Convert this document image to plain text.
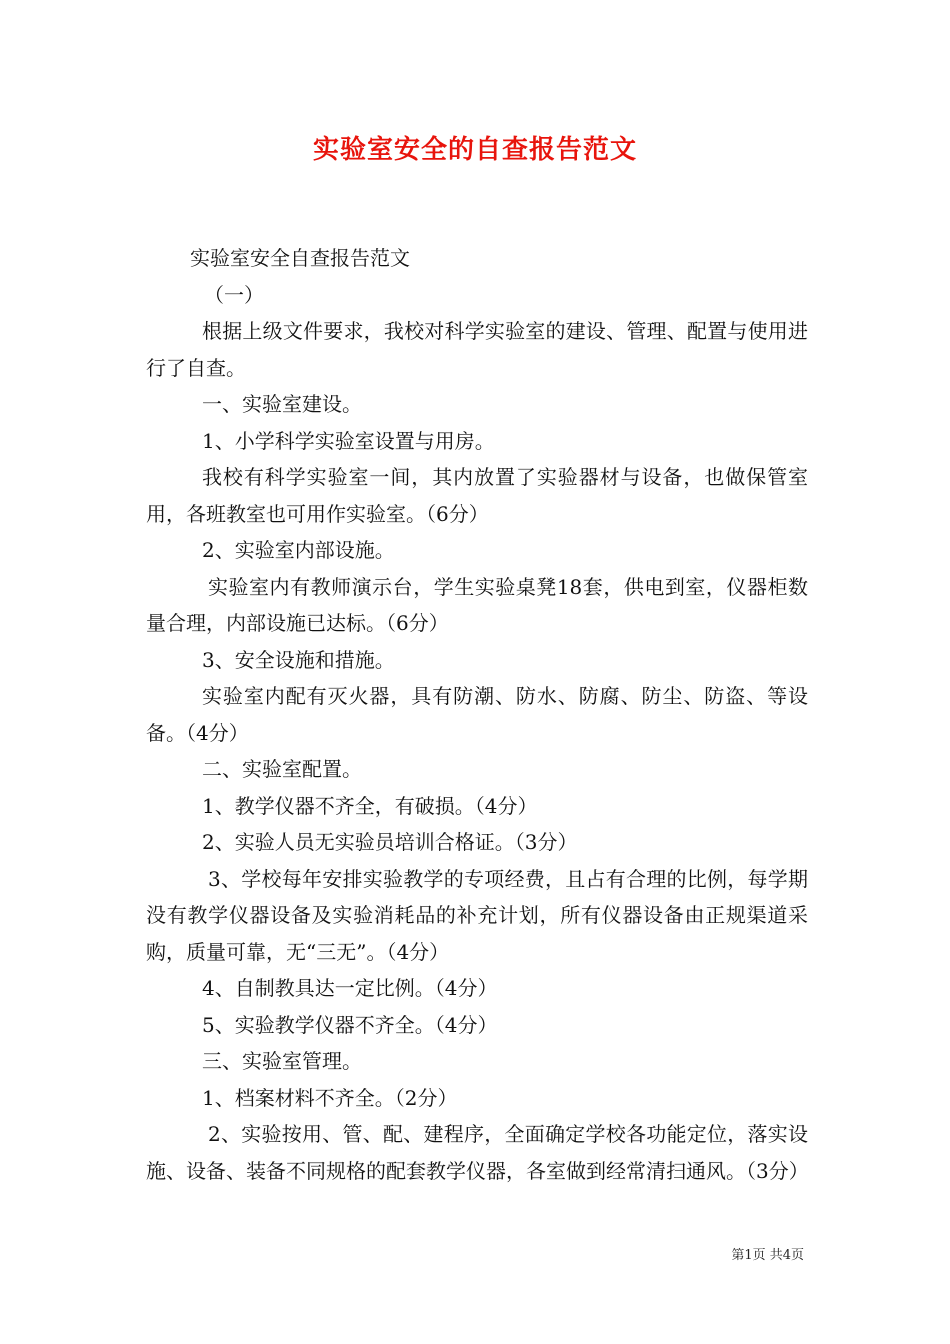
实验室安全的自查报告范文

实验室安全自查报告范文

（一）

根据上级文件要求，我校对科学实验室的建设、管理、配置与使用进行了自查。

一、实验室建设。

1、小学科学实验室设置与用房。

我校有科学实验室一间，其内放置了实验器材与设备，也做保管室用，各班教室也可用作实验室。（6分）

2、实验室内部设施。

实验室内有教师演示台，学生实验桌凳18套，供电到室，仪器柜数量合理，内部设施已达标。（6分）

3、安全设施和措施。

实验室内配有灭火器，具有防潮、防水、防腐、防尘、防盗、等设备。（4分）

二、实验室配置。

1、教学仪器不齐全，有破损。（4分）

2、实验人员无实验员培训合格证。（3分）

3、学校每年安排实验教学的专项经费，且占有合理的比例，每学期没有教学仪器设备及实验消耗品的补充计划，所有仪器设备由正规渠道采购，质量可靠，无“三无”。（4分）

4、自制教具达一定比例。（4分）

5、实验教学仪器不齐全。（4分）

三、实验室管理。

1、档案材料不齐全。（2分）

2、实验按用、管、配、建程序，全面确定学校各功能定位，落实设施、设备、装备不同规格的配套教学仪器，各室做到经常清扫通风。（3分）

第1页 共4页
